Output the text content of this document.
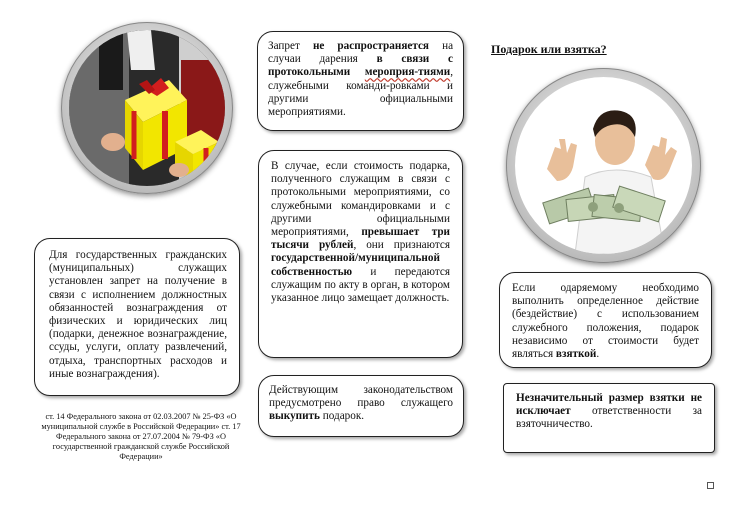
Подарок или взятка?
Запрет не распространяется на случаи дарения в связи с протокольными мероприя-тиями, служебными команди-ровками и другими официальными мероприятиями.
В случае, если стоимость подарка, полученного служащим в связи с протокольными мероприятиями, со служебными командировками и с другими официальными мероприятиями, превышает три тысячи рублей, они признаются государственной/муниципальной собственностью и передаются служащим по акту в орган, в котором указанное лицо замещает должность.
Действующим законодательством предусмотрено право служащего выкупить подарок.
Для государственных гражданских (муниципальных) служащих установлен запрет на получение в связи с исполнением должностных обязанностей вознаграждения от физических и юридических лиц (подарки, денежное вознаграждение, ссуды, услуги, оплату развлечений, отдыха, транспортных расходов и иные вознаграждения).
ст. 14 Федерального закона от 02.03.2007 № 25-ФЗ «О муниципальной службе в Российской Федерации» ст. 17 Федерального закона от 27.07.2004 № 79-ФЗ «О государственной гражданской службе Российской Федерации»
Если одаряемому необходимо выполнить определенное действие (бездействие) с использованием служебного положения, подарок независимо от стоимости будет являться взяткой.
Незначительный размер взятки не исключает ответственности за взяточничество.
